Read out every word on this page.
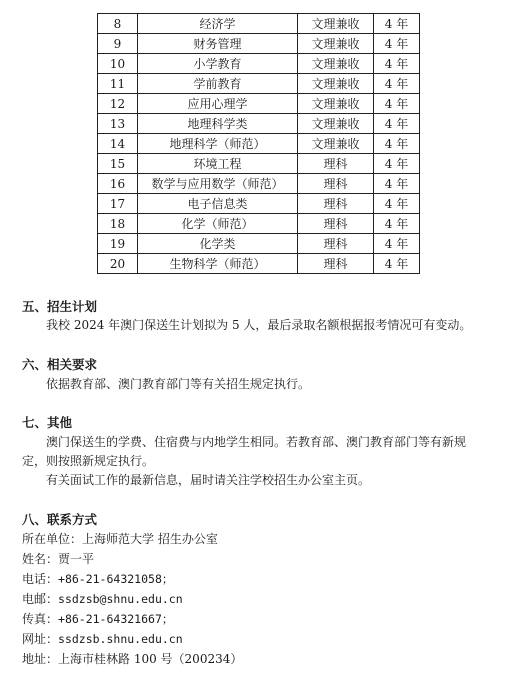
8	经济学	文理兼收	4 年
9	财务管理	文理兼收	4 年
10	小学教育	文理兼收	4 年
11	学前教育	文理兼收	4 年
12	应用心理学	文理兼收	4 年
13	地理科学类	文理兼收	4 年
14	地理科学（师范）	文理兼收	4 年
15	环境工程	理科	4 年
16	数学与应用数学（师范）	理科	4 年
17	电子信息类	理科	4 年
18	化学（师范）	理科	4 年
19	化学类	理科	4 年
20	生物科学（师范）	理科	4 年
五、招生计划
我校 2024 年澳门保送生计划拟为 5 人，最后录取名额根据报考情况可有变动。
六、相关要求
依据教育部、澳门教育部门等有关招生规定执行。
七、其他
澳门保送生的学费、住宿费与内地学生相同。若教育部、澳门教育部门等有新规
定，则按照新规定执行。
有关面试工作的最新信息，届时请关注学校招生办公室主页。
八、联系方式
所在单位：上海师范大学 招生办公室
姓名：贾一平
电话：+86-21-64321058；
电邮：ssdzsb@shnu.edu.cn
传真：+86-21-64321667；
网址：ssdzsb.shnu.edu.cn
地址：上海市桂林路 100 号（200234）
